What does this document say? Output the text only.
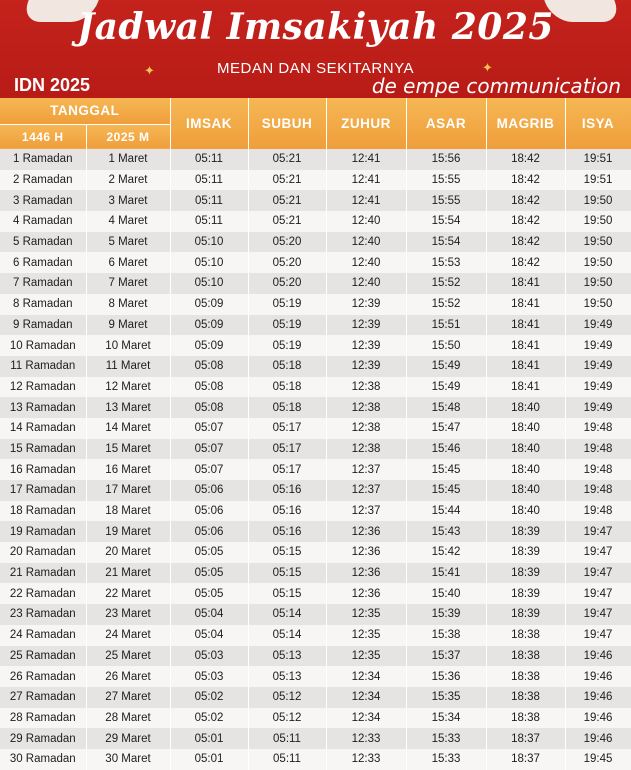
Jadwal Imsakiyah 2025
✦	MEDAN DAN SEKITARNYA	✦
IDN 2025	de empe communication
TANGGAL		IMSAK	SUBUH	ZUHUR	ASAR	MAGRIB	ISYA
1446 H	2025 M						
1 Ramadan	1 Maret	05:11	05:21	12:41	15:56	18:42	19:51
2 Ramadan	2 Maret	05:11	05:21	12:41	15:55	18:42	19:51
3 Ramadan	3 Maret	05:11	05:21	12:41	15:55	18:42	19:50
4 Ramadan	4 Maret	05:11	05:21	12:40	15:54	18:42	19:50
5 Ramadan	5 Maret	05:10	05:20	12:40	15:54	18:42	19:50
6 Ramadan	6 Maret	05:10	05:20	12:40	15:53	18:42	19:50
7 Ramadan	7 Maret	05:10	05:20	12:40	15:52	18:41	19:50
8 Ramadan	8 Maret	05:09	05:19	12:39	15:52	18:41	19:50
9 Ramadan	9 Maret	05:09	05:19	12:39	15:51	18:41	19:49
10 Ramadan	10 Maret	05:09	05:19	12:39	15:50	18:41	19:49
11 Ramadan	11 Maret	05:08	05:18	12:39	15:49	18:41	19:49
12 Ramadan	12 Maret	05:08	05:18	12:38	15:49	18:41	19:49
13 Ramadan	13 Maret	05:08	05:18	12:38	15:48	18:40	19:49
14 Ramadan	14 Maret	05:07	05:17	12:38	15:47	18:40	19:48
15 Ramadan	15 Maret	05:07	05:17	12:38	15:46	18:40	19:48
16 Ramadan	16 Maret	05:07	05:17	12:37	15:45	18:40	19:48
17 Ramadan	17 Maret	05:06	05:16	12:37	15:45	18:40	19:48
18 Ramadan	18 Maret	05:06	05:16	12:37	15:44	18:40	19:48
19 Ramadan	19 Maret	05:06	05:16	12:36	15:43	18:39	19:47
20 Ramadan	20 Maret	05:05	05:15	12:36	15:42	18:39	19:47
21 Ramadan	21 Maret	05:05	05:15	12:36	15:41	18:39	19:47
22 Ramadan	22 Maret	05:05	05:15	12:36	15:40	18:39	19:47
23 Ramadan	23 Maret	05:04	05:14	12:35	15:39	18:39	19:47
24 Ramadan	24 Maret	05:04	05:14	12:35	15:38	18:38	19:47
25 Ramadan	25 Maret	05:03	05:13	12:35	15:37	18:38	19:46
26 Ramadan	26 Maret	05:03	05:13	12:34	15:36	18:38	19:46
27 Ramadan	27 Maret	05:02	05:12	12:34	15:35	18:38	19:46
28 Ramadan	28 Maret	05:02	05:12	12:34	15:34	18:38	19:46
29 Ramadan	29 Maret	05:01	05:11	12:33	15:33	18:37	19:46
30 Ramadan	30 Maret	05:01	05:11	12:33	15:33	18:37	19:45
